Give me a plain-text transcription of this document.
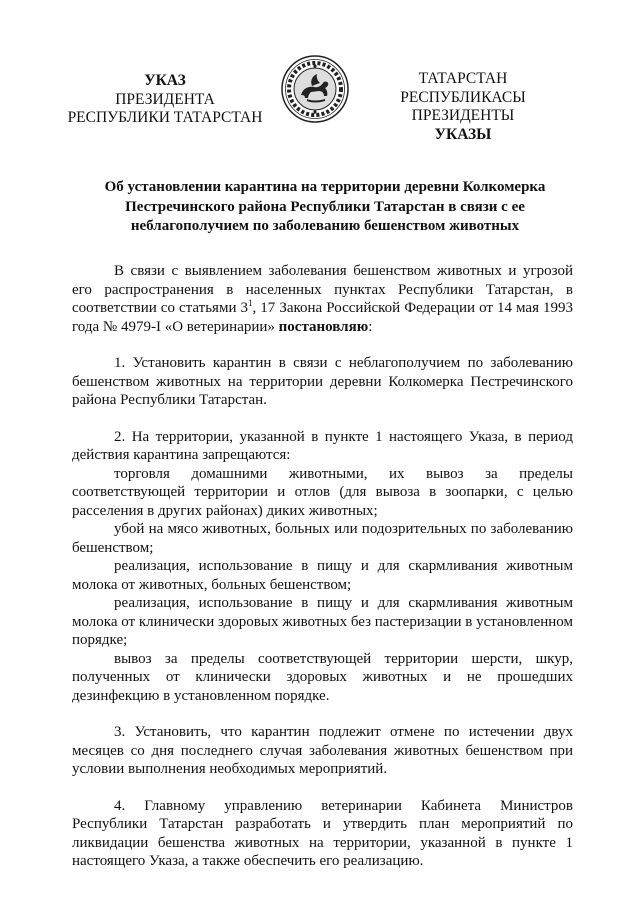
УКАЗ
ПРЕЗИДЕНТА
РЕСПУБЛИКИ ТАТАРСТАН
ТАТАРСТАН РЕСПУБЛИКАСЫ
ПРЕЗИДЕНТЫ
УКАЗЫ
Об установлении карантина на территории деревни Колкомерка
Пестречинского района Республики Татарстан в связи с ее
неблагополучием по заболеванию бешенством животных

В связи с выявлением заболевания бешенством животных и угрозой его распространения в населенных пунктах Республики Татарстан, в соответствии со статьями $3^1$, 17 Закона Российской Федерации от 14 мая 1993 года № 4979-I «О ветеринарии» постановляю:

1. Установить карантин в связи с неблагополучием по заболеванию бешенством животных на территории деревни Колкомерка Пестречинского района Республики Татарстан.

2. На территории, указанной в пункте 1 настоящего Указа, в период действия карантина запрещаются:

торговля домашними животными, их вывоз за пределы соответствующей территории и отлов (для вывоза в зоопарки, с целью расселения в других районах) диких животных;

убой на мясо животных, больных или подозрительных по заболеванию бешенством;

реализация, использование в пищу и для скармливания животным молока от животных, больных бешенством;

реализация, использование в пищу и для скармливания животным молока от клинически здоровых животных без пастеризации в установленном порядке;

вывоз за пределы соответствующей территории шерсти, шкур, полученных от клинически здоровых животных и не прошедших дезинфекцию в установленном порядке.

3. Установить, что карантин подлежит отмене по истечении двух месяцев со дня последнего случая заболевания животных бешенством при условии выполнения необходимых мероприятий.

4. Главному управлению ветеринарии Кабинета Министров Республики Татарстан разработать и утвердить план мероприятий по ликвидации бешенства животных на территории, указанной в пункте 1 настоящего Указа, а также обеспечить его реализацию.
